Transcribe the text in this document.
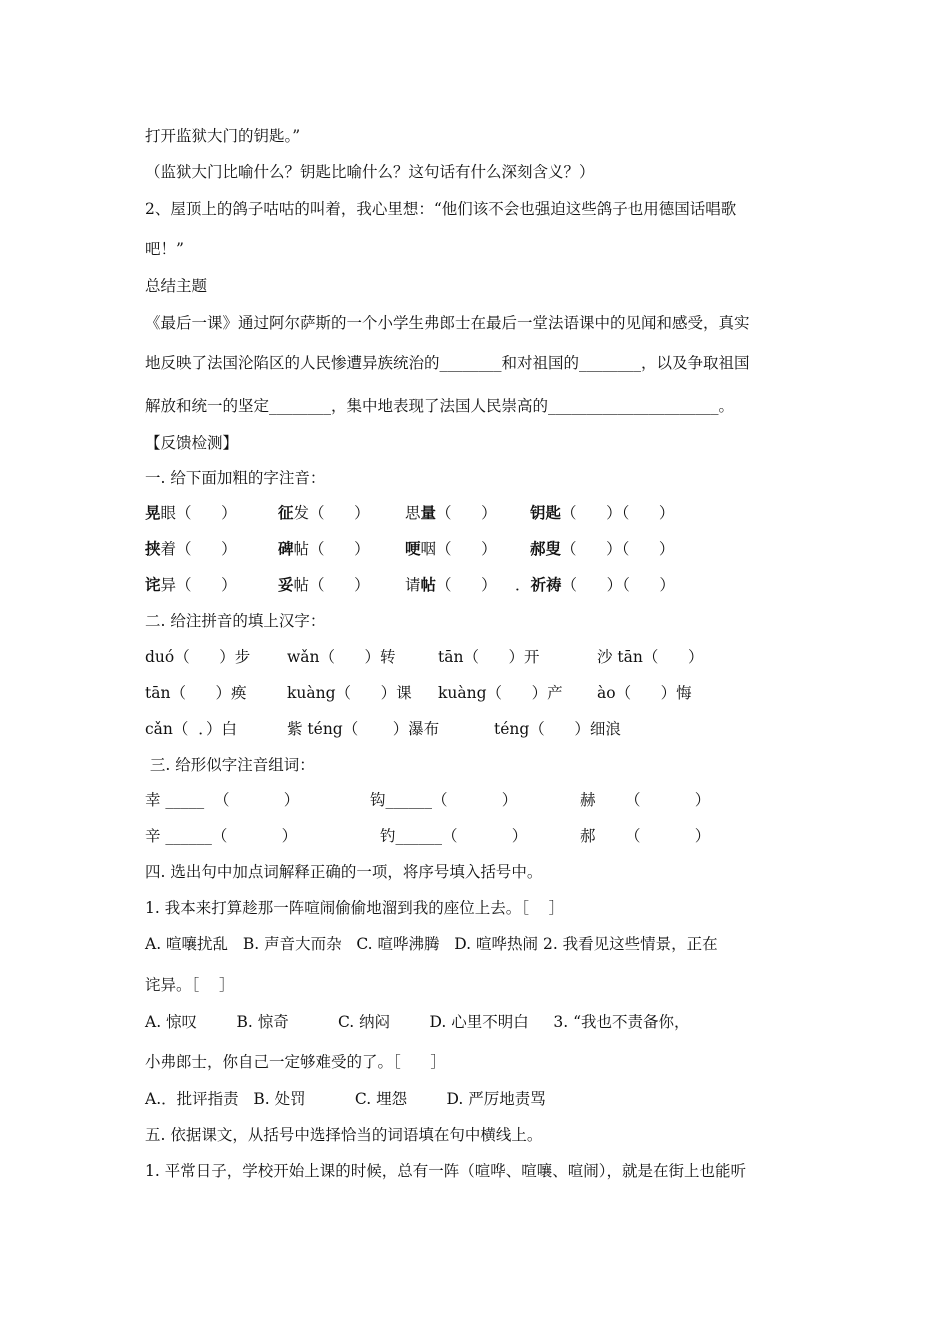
打开监狱大门的钥匙。”
（监狱大门比喻什么？钥匙比喻什么？这句话有什么深刻含义？）
2、屋顶上的鸽子咕咕的叫着，我心里想：“他们该不会也强迫这些鸽子也用德国话唱歌
吧！”
总结主题
《最后一课》通过阿尔萨斯的一个小学生弗郎士在最后一堂法语课中的见闻和感受，真实
地反映了法国沦陷区的人民惨遭异族统治的________和对祖国的________，以及争取祖国
解放和统一的坚定________，集中地表现了法国人民崇高的______________________。
【反馈检测】
一. 给下面加粗的字注音：
晃眼（      ）	征发（      ） 思量（      ） 钥匙（      ）（      ）
挟着（      ）	碑帖（      ） 哽咽（      ） 郝叟（      ）（      ）
诧异（      ）	妥帖（      ） 请帖（      ） ．祈祷（      ）（      ）
二. 给注拼音的填上汉字：
duó（      ）步 wǎn（      ）转	tān（      ）开	沙 tān（      ）
tān（      ）痪	kuàng（      ）课 kuàng（      ）产 ào（      ）悔
cǎn（  ．）白	紫 téng（       ）瀑布	téng（      ）细浪
三. 给形似字注音组词：
幸 _____  （           ）	钩______（           ）	赫      （           ）
辛 ______（           ）	钓______（           ）	郝      （           ）
四. 选出句中加点词解释正确的一项，将序号填入括号中。
1. 我本来打算趁那一阵喧闹偷偷地溜到我的座位上去。［    ］
A. 喧嚷扰乱   B. 声音大而杂   C. 喧哗沸腾   D. 喧哗热闹 2. 我看见这些情景，正在
诧异。［    ］
A. 惊叹        B. 惊奇          C. 纳闷        D. 心里不明白     3. “我也不责备你，
小弗郎士，你自己一定够难受的了。［      ］
A.．批评指责   B. 处罚          C. 埋怨        D. 严厉地责骂
五. 依据课文，从括号中选择恰当的词语填在句中横线上。
1. 平常日子，学校开始上课的时候，总有一阵（喧哗、喧嚷、喧闹），就是在街上也能听
